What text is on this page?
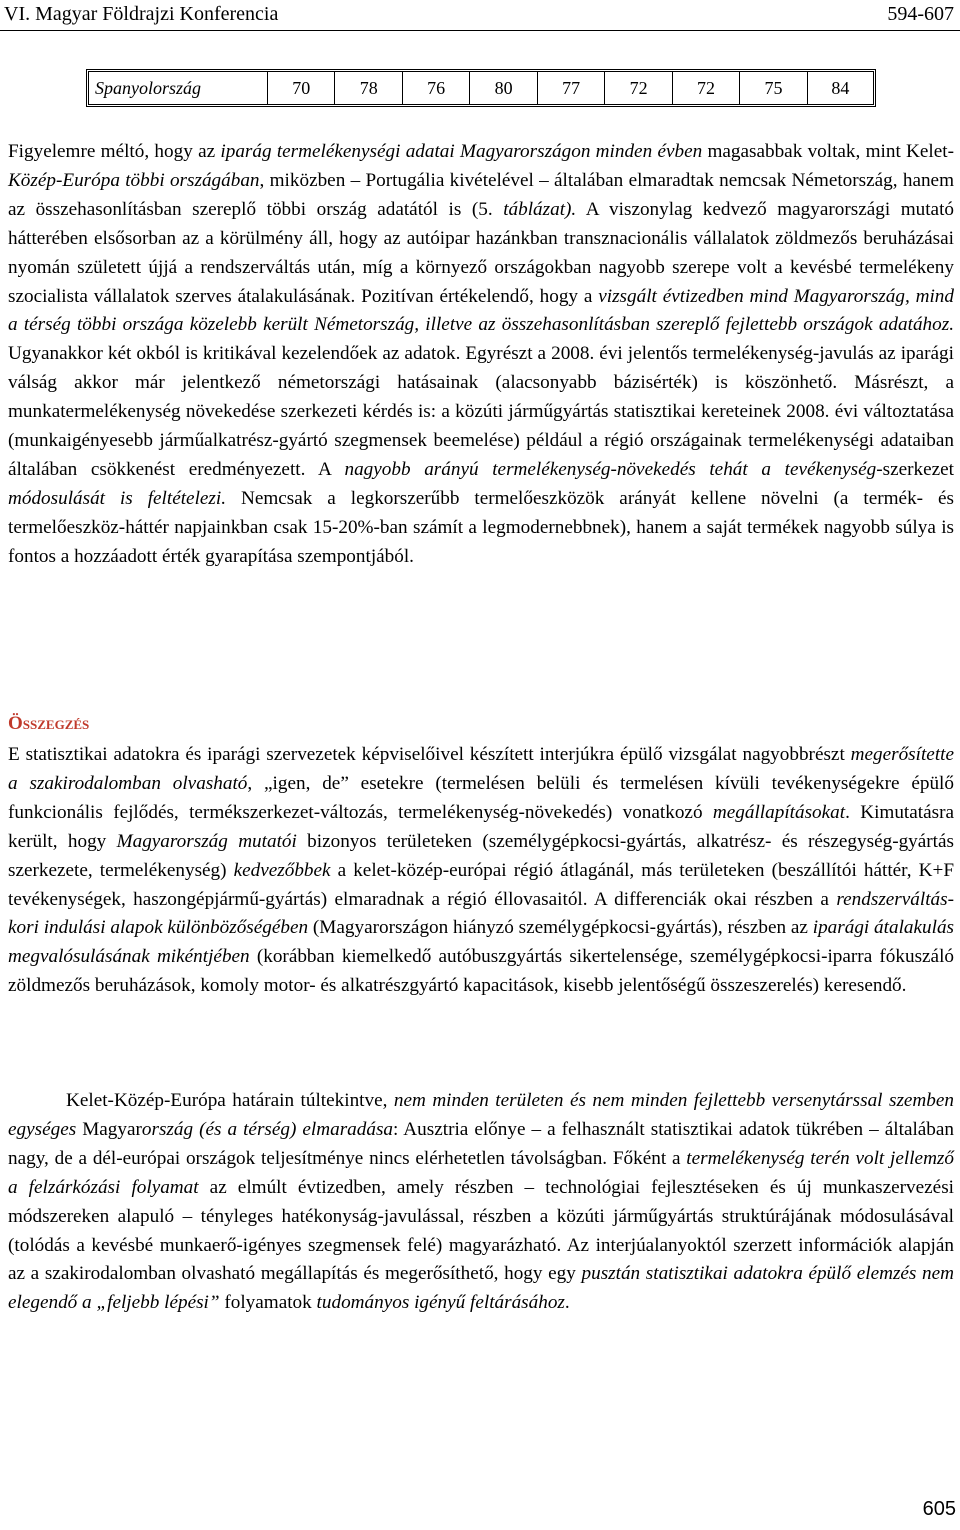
VI. Magyar Földrajzi Konferencia	594-607
Spanyolország	70	78	76	80	77	72	72	75	84

Figyelemre méltó, hogy az iparág termelékenységi adatai Magyarországon minden évben magasabbak voltak, mint Kelet-Közép-Európa többi országában, miközben – Portugália kivételével – általában elmaradtak nemcsak Németország, hanem az összehasonlításban szereplő többi ország adatától is (5. táblázat). A viszonylag kedvező magyarországi mutató hátterében elsősorban az a körülmény áll, hogy az autóipar hazánkban transznacionális vállalatok zöldmezős beruházásai nyomán született újjá a rendszerváltás után, míg a környező országokban nagyobb szerepe volt a kevésbé termelékeny szocialista vállalatok szerves átalakulásának. Pozitívan értékelendő, hogy a vizsgált évtizedben mind Magyarország, mind a térség többi országa közelebb került Németország, illetve az összehasonlításban szereplő fejlettebb országok adatához. Ugyanakkor két okból is kritikával kezelendőek az adatok. Egyrészt a 2008. évi jelentős termelékenység-javulás az iparági válság akkor már jelentkező németországi hatásainak (alacsonyabb bázisérték) is köszönhető. Másrészt, a munkatermelékenység növekedése szerkezeti kérdés is: a közúti járműgyártás statisztikai kereteinek 2008. évi változtatása (munkaigényesebb járműalkatrész-gyártó szegmensek beemelése) például a régió országainak termelékenységi adataiban általában csökkenést eredményezett. A nagyobb arányú termelékenység-növekedés tehát a tevékenység-szerkezet módosulását is feltételezi. Nemcsak a legkorszerűbb termelőeszközök arányát kellene növelni (a termék- és termelőeszköz-háttér napjainkban csak 15-20%-ban számít a legmodernebbnek), hanem a saját termékek nagyobb súlya is fontos a hozzáadott érték gyarapítása szempontjából.

Összegzés

E statisztikai adatokra és iparági szervezetek képviselőivel készített interjúkra épülő vizsgálat nagyobbrészt megerősítette a szakirodalomban olvasható, „igen, de” esetekre (termelésen belüli és termelésen kívüli tevékenységekre épülő funkcionális fejlődés, termékszerkezet-változás, termelékenység-növekedés) vonatkozó megállapításokat. Kimutatásra került, hogy Magyarország mutatói bizonyos területeken (személygépkocsi-gyártás, alkatrész- és részegység-gyártás szerkezete, termelékenység) kedvezőbbek a kelet-közép-európai régió átlagánál, más területeken (beszállítói háttér, K+F tevékenységek, haszongépjármű-gyártás) elmaradnak a régió éllovasaitól. A differenciák okai részben a rendszerváltás-kori indulási alapok különbözőségében (Magyarországon hiányzó személygépkocsi-gyártás), részben az iparági átalakulás megvalósulásának mikéntjében (korábban kiemelkedő autóbuszgyártás sikertelensége, személygépkocsi-iparra fókuszáló zöldmezős beruházások, komoly motor- és alkatrészgyártó kapacitások, kisebb jelentőségű összeszerelés) keresendő.

Kelet-Közép-Európa határain túltekintve, nem minden területen és nem minden fejlettebb versenytárssal szemben egységes Magyarország (és a térség) elmaradása: Ausztria előnye – a felhasznált statisztikai adatok tükrében – általában nagy, de a dél-európai országok teljesítménye nincs elérhetetlen távolságban. Főként a termelékenység terén volt jellemző a felzárkózási folyamat az elmúlt évtizedben, amely részben – technológiai fejlesztéseken és új munkaszervezési módszereken alapuló – tényleges hatékonyság-javulással, részben a közúti járműgyártás struktúrájának módosulásával (tolódás a kevésbé munkaerő-igényes szegmensek felé) magyarázható. Az interjúalanyoktól szerzett információk alapján az a szakirodalomban olvasható megállapítás és megerősíthető, hogy egy pusztán statisztikai adatokra épülő elemzés nem elegendő a „feljebb lépési” folyamatok tudományos igényű feltárásához.

605
